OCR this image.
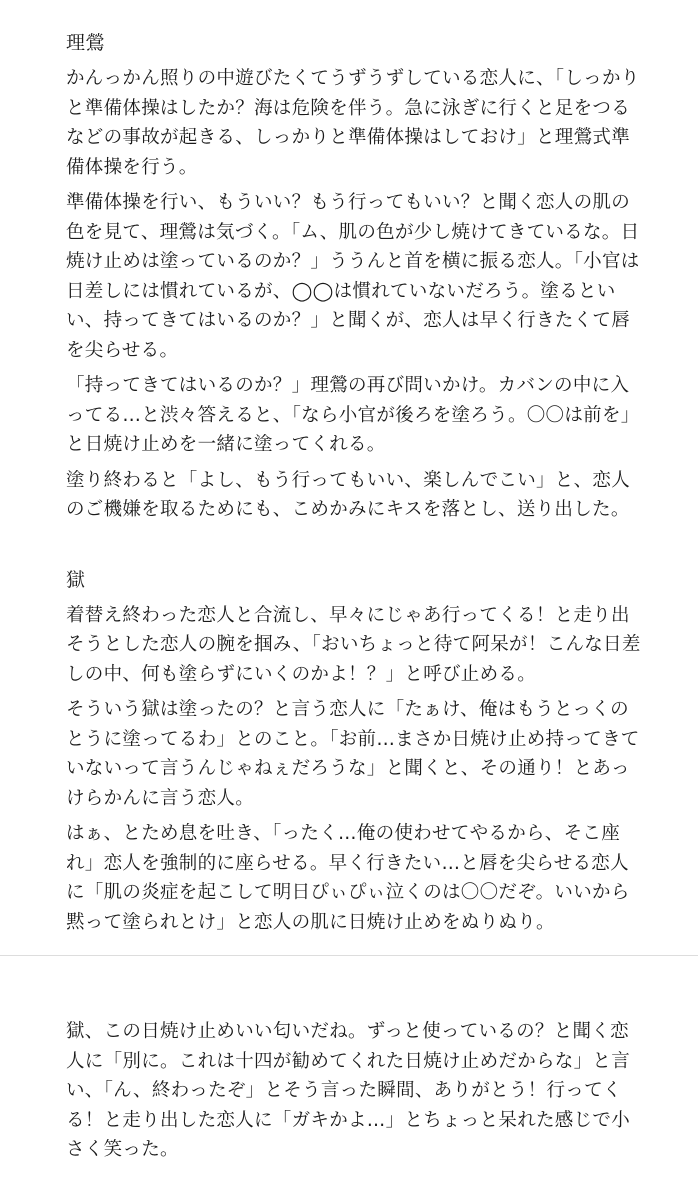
理鶯

かんっかん照りの中遊びたくてうずうずしている恋人に、「しっかりと準備体操はしたか？海は危険を伴う。急に泳ぎに行くと足をつるなどの事故が起きる、しっかりと準備体操はしておけ」と理鶯式準備体操を行う。

準備体操を行い、もういい？もう行ってもいい？と聞く恋人の肌の色を見て、理鶯は気づく。「ム、肌の色が少し焼けてきているな。日焼け止めは塗っているのか？」ううんと首を横に振る恋人。「小官は日差しには慣れているが、◯◯は慣れていないだろう。塗るといい、持ってきてはいるのか？」と聞くが、恋人は早く行きたくて唇を尖らせる。

「持ってきてはいるのか？」理鶯の再び問いかけ。カバンの中に入ってる…と渋々答えると、「なら小官が後ろを塗ろう。〇〇は前を」と日焼け止めを一緒に塗ってくれる。

塗り終わると「よし、もう行ってもいい、楽しんでこい」と、恋人のご機嫌を取るためにも、こめかみにキスを落とし、送り出した。

獄

着替え終わった恋人と合流し、早々にじゃあ行ってくる！と走り出そうとした恋人の腕を掴み、「おいちょっと待て阿呆が！こんな日差しの中、何も塗らずにいくのかよ！？」と呼び止める。

そういう獄は塗ったの？と言う恋人に「たぁけ、俺はもうとっくのとうに塗ってるわ」とのこと。「お前…まさか日焼け止め持ってきていないって言うんじゃねぇだろうな」と聞くと、その通り！とあっけらかんに言う恋人。

はぁ、とため息を吐き、「ったく…俺の使わせてやるから、そこ座れ」恋人を強制的に座らせる。早く行きたい…と唇を尖らせる恋人に「肌の炎症を起こして明日ぴぃぴぃ泣くのは〇〇だぞ。いいから黙って塗られとけ」と恋人の肌に日焼け止めをぬりぬり。

獄、この日焼け止めいい匂いだね。ずっと使っているの？と聞く恋人に「別に。これは十四が勧めてくれた日焼け止めだからな」と言い、「ん、終わったぞ」とそう言った瞬間、ありがとう！行ってくる！と走り出した恋人に「ガキかよ…」とちょっと呆れた感じで小さく笑った。
